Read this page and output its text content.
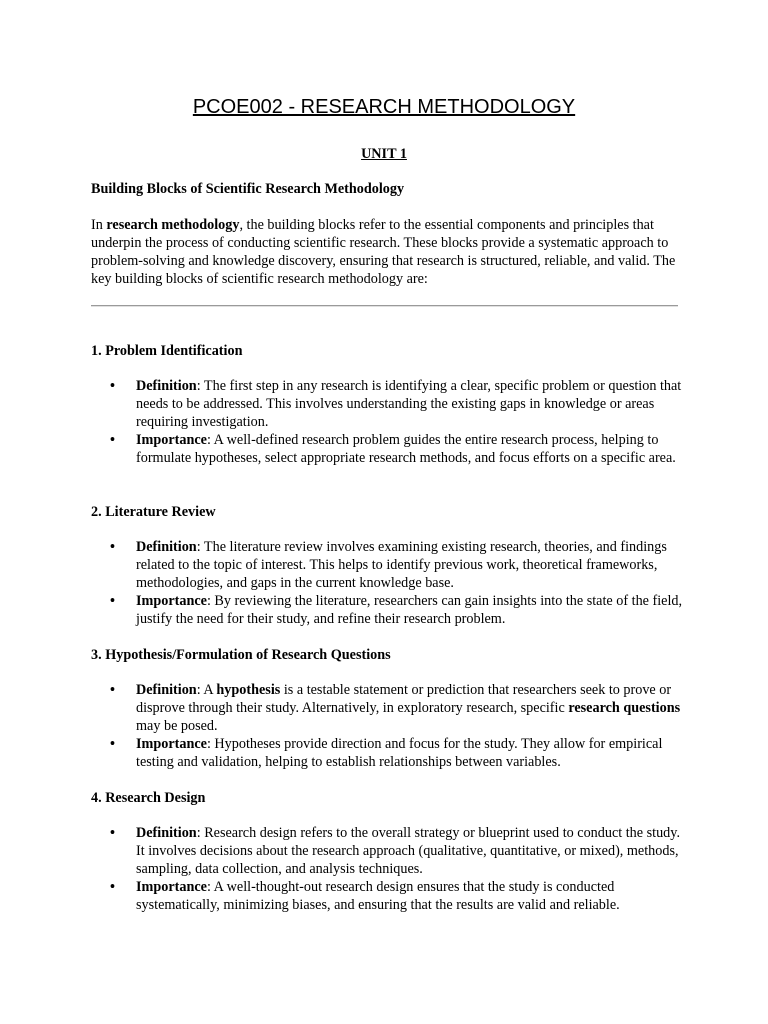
PCOE002 - RESEARCH METHODOLOGY
UNIT 1
Building Blocks of Scientific Research Methodology
In research methodology, the building blocks refer to the essential components and principles that underpin the process of conducting scientific research. These blocks provide a systematic approach to problem-solving and knowledge discovery, ensuring that research is structured, reliable, and valid. The key building blocks of scientific research methodology are:
1. Problem Identification
• Definition: The first step in any research is identifying a clear, specific problem or question that needs to be addressed. This involves understanding the existing gaps in knowledge or areas requiring investigation.
• Importance: A well-defined research problem guides the entire research process, helping to formulate hypotheses, select appropriate research methods, and focus efforts on a specific area.
2. Literature Review
• Definition: The literature review involves examining existing research, theories, and findings related to the topic of interest. This helps to identify previous work, theoretical frameworks, methodologies, and gaps in the current knowledge base.
• Importance: By reviewing the literature, researchers can gain insights into the state of the field, justify the need for their study, and refine their research problem.
3. Hypothesis/Formulation of Research Questions
• Definition: A hypothesis is a testable statement or prediction that researchers seek to prove or disprove through their study. Alternatively, in exploratory research, specific research questions may be posed.
• Importance: Hypotheses provide direction and focus for the study. They allow for empirical testing and validation, helping to establish relationships between variables.
4. Research Design
• Definition: Research design refers to the overall strategy or blueprint used to conduct the study. It involves decisions about the research approach (qualitative, quantitative, or mixed), methods, sampling, data collection, and analysis techniques.
• Importance: A well-thought-out research design ensures that the study is conducted systematically, minimizing biases, and ensuring that the results are valid and reliable.
